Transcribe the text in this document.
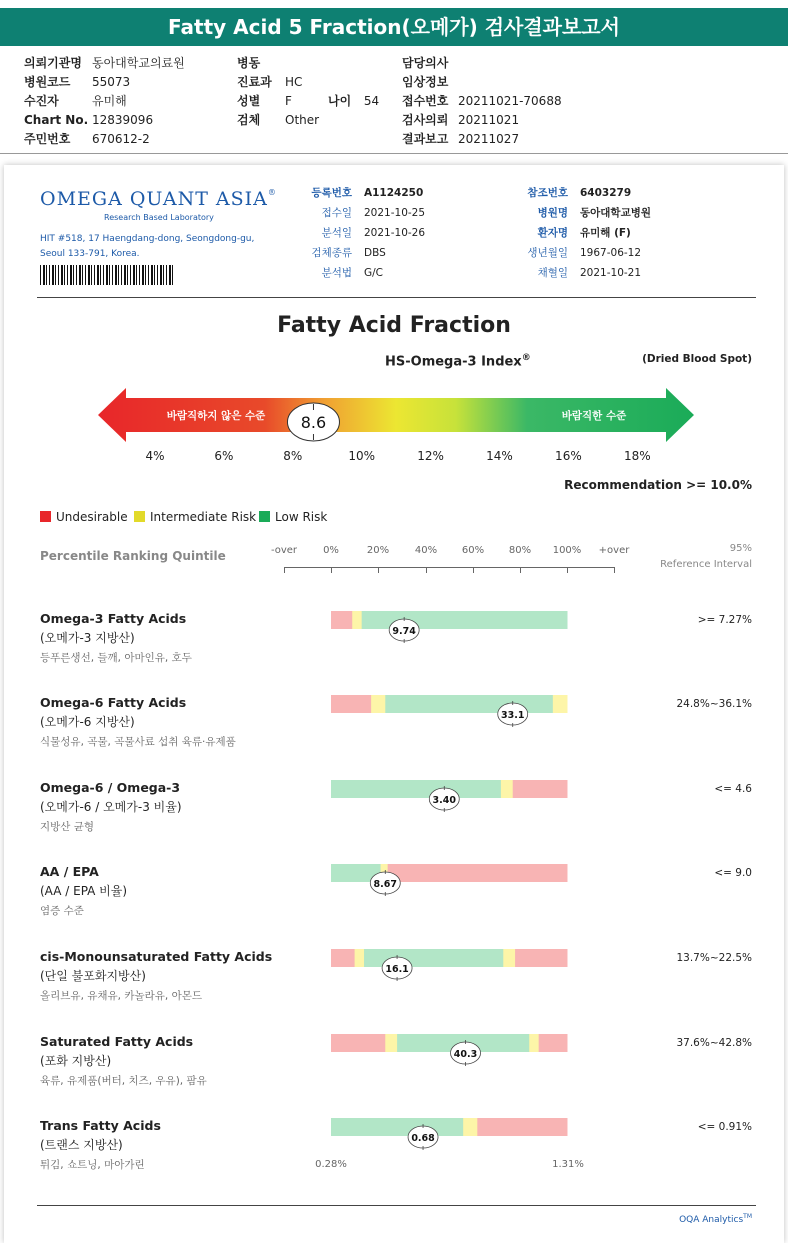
Fatty Acid 5 Fraction(오메가) 검사결과보고서
의뢰기관명 동아대학교의료원
병원코드 55073
수진자	유미해
Chart No. 12839096
주민번호 670612-2
병동
진료과 HC
성별 F
검체 Other
나이 54
담당의사
임상정보
접수번호 20211021-70688
검사의뢰 20211021
결과보고 20211027
OMEGA QUANT ASIA®
Research Based Laboratory
HIT #518, 17 Haengdang-dong, Seongdong-gu, Seoul 133-791, Korea.
등록번호 A1124250
접수일 2021-10-25
분석일 2021-10-26
검체종류 DBS
분석법 G/C
참조번호 6403279
병원명 동아대학교병원
환자명 유미해 (F)
생년월일 1967-06-12
채혈일 2021-10-21
Fatty Acid Fraction
HS-Omega-3 Index®	(Dried Blood Spot)
바람직하지 않은 수준	바람직한 수준
8.6
4%	6%	8%	10%	12%	14%	16%	18%
Recommendation >= 10.0%
Undesirable	Intermediate Risk	Low Risk
Percentile Ranking Quintile	-over	0%	20%	40% 60% 80% 100% +over	95%
Reference Interval
Omega-3 Fatty Acids
(오메가-3 지방산)
등푸른생선, 들깨, 아마인유, 호두
>= 7.27%
9.74
Omega-6 Fatty Acids
(오메가-6 지방산)
식물성유, 곡물, 곡물사료 섭취 육류·유제품
24.8%~36.1%
33.1
Omega-6 / Omega-3
(오메가-6 / 오메가-3 비율)
지방산 균형
<= 4.6
3.40
AA / EPA
(AA / EPA 비율)
염증 수준
<= 9.0
8.67
cis-Monounsaturated Fatty Acids
(단일 불포화지방산)
올리브유, 유채유, 카놀라유, 아몬드
13.7%~22.5%
16.1
Saturated Fatty Acids
(포화 지방산)
육류, 유제품(버터, 치즈, 우유), 팜유
37.6%~42.8%
40.3
Trans Fatty Acids
(트랜스 지방산)
튀김, 쇼트닝, 마아가린
<= 0.91%
0.68
0.28%	1.31%
OQA Analytics™
